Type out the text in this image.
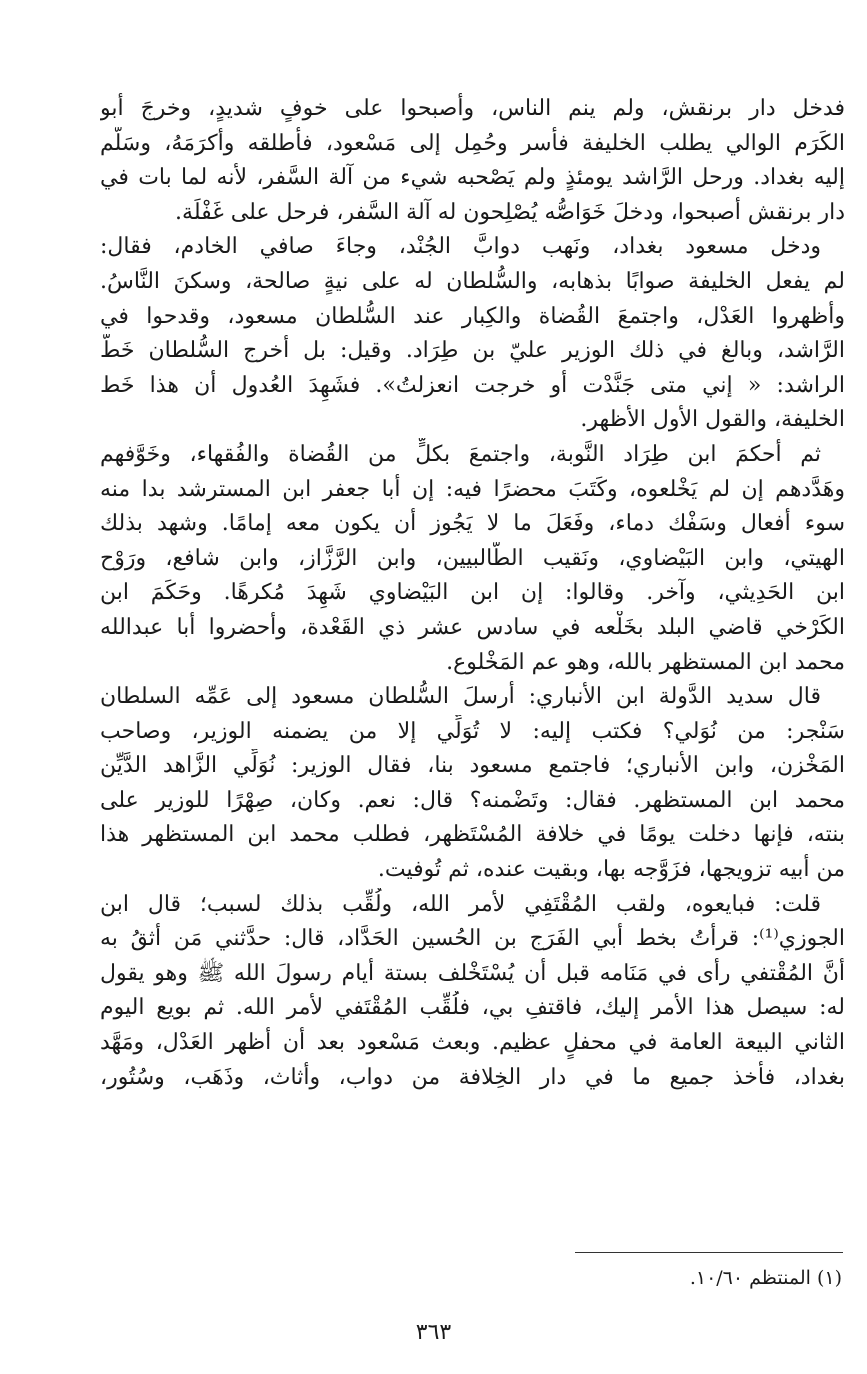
فدخل دار برنقش، ولم ينم الناس، وأصبحوا على خوفٍ شديدٍ، وخرجَ أبو
الكَرَم الوالي يطلب الخليفة فأسر وحُمِل إلى مَسْعود، فأطلقه وأكرَمَهُ، وسَلَّم
إليه بغداد. ورحل الرَّاشد يومئذٍ ولم يَصْحبه شيء من آلة السَّفر، لأنه لما بات في
دار برنقش أصبحوا، ودخلَ خَوَاصُّه يُصْلِحون له آلة السَّفر، فرحل على غَفْلَة.
ودخل مسعود بغداد، ونَهب دوابَّ الجُنْد، وجاءَ صافي الخادم، فقال:
لم يفعل الخليفة صوابًا بذهابه، والسُّلطان له على نيةٍ صالحة، وسكنَ النَّاسُ.
وأظهروا العَدْل، واجتمعَ القُضاة والكِبار عند السُّلطان مسعود، وقدحوا في
الرَّاشد، وبالغ في ذلك الوزير عليّ بن طِرَاد. وقيل: بل أخرج السُّلطان خَطَّ
الراشد: « إني متى جَنَّدْت أو خرجت انعزلتُ». فشَهِدَ العُدول أن هذا خَط
الخليفة، والقول الأول الأظهر.
ثم أحكمَ ابن طِرَاد النَّوبة، واجتمعَ بكلٍّ من القُضاة والفُقهاء، وخَوَّفهم
وهَدَّدهم إن لم يَخْلعوه، وكَتَبَ محضرًا فيه: إن أبا جعفر ابن المسترشد بدا منه
سوء أفعال وسَفْك دماء، وفَعَلَ ما لا يَجُوز أن يكون معه إمامًا. وشهد بذلك
الهيتي، وابن البَيْضاوي، ونَقيب الطَّالبيين، وابن الرَّزَّاز، وابن شافع، ورَوْح
ابن الحَدِيثي، وآخر. وقالوا: إن ابن البَيْضاوي شَهِدَ مُكرهًا. وحَكَمَ ابن
الكَرْخي قاضي البلد بخَلْعه في سادس عشر ذي القَعْدة، وأحضروا أبا عبدالله
محمد ابن المستظهر بالله، وهو عم المَخْلوع.
قال سديد الدَّولة ابن الأنباري: أرسلَ السُّلطان مسعود إلى عَمِّه السلطان
سَنْجر: من نُوَلي؟ فكتب إليه: لا تُوَلِّي إلا من يضمنه الوزير، وصاحب
المَخْزن، وابن الأنباري؛ فاجتمع مسعود بنا، فقال الوزير: نُوَلِّي الزَّاهد الدَّيِّن
محمد ابن المستظهر. فقال: وتَضْمنه؟ قال: نعم. وكان، صِهْرًا للوزير على
بنته، فإنها دخلت يومًا في خلافة المُسْتَظهر، فطلب محمد ابن المستظهر هذا
من أبيه تزويجها، فزَوَّجه بها، وبقيت عنده، ثم تُوفيت.
قلت: فبايعوه، ولقب المُقْتَفِي لأمر الله، ولُقِّب بذلك لسبب؛ قال ابن
الجوزي⁽¹⁾: قرأتُ بخط أبي الفَرَج بن الحُسين الحَدَّاد، قال: حدَّثني مَن أثقُ به
أنَّ المُقْتفي رأى في مَنَامه قبل أن يُسْتَخْلف بستة أيام رسولَ الله ﷺ وهو يقول
له: سيصل هذا الأمر إليك، فاقتفِ بي، فلُقِّب المُقْتَفي لأمر الله. ثم بويع اليوم
الثاني البيعة العامة في محفلٍ عظيم. وبعث مَسْعود بعد أن أظهر العَدْل، ومَهَّد
بغداد، فأخذ جميع ما في دار الخِلافة من دواب، وأثاث، وذَهَب، وسُتُور،
(١) المنتظم ١٠/٦٠.
٣٦٣
